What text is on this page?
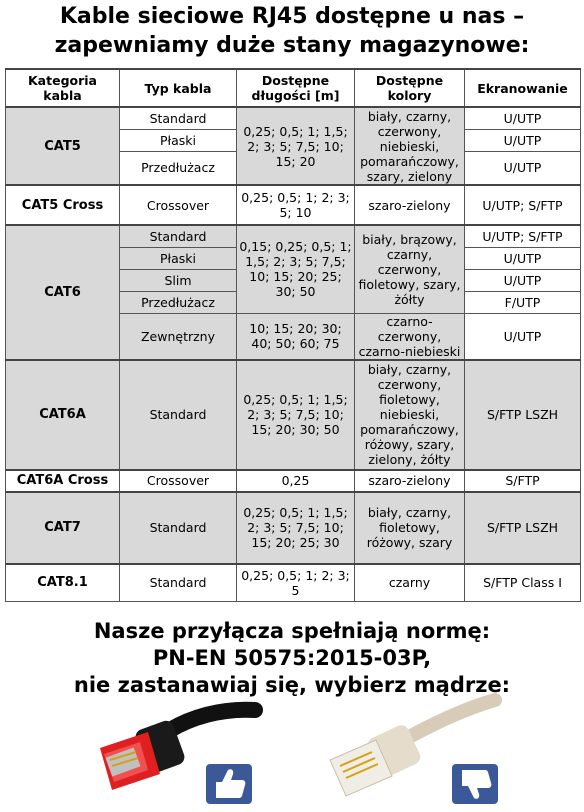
Kable sieciowe RJ45 dostępne u nas –
zapewniamy duże stany magazynowe:
Kategoria kabla	Typ kabla	Dostępne długości [m]	Dostępne kolory	Ekranowanie
CAT5	Standard	0,25; 0,5; 1; 1,5; 2; 3; 5; 7,5; 10; 15; 20	biały, czarny, czerwony, niebieski, pomarańczowy, szary, zielony	U/UTP
	Płaski			U/UTP
	Przedłużacz			U/UTP
CAT5 Cross	Crossover	0,25; 0,5; 1; 2; 3; 5; 10	szaro-zielony	U/UTP; S/FTP
CAT6	Standard	0,15; 0,25; 0,5; 1; 1,5; 2; 3; 5; 7,5; 10; 15; 20; 25; 30; 50	biały, brązowy, czarny, czerwony, fioletowy, szary, żółty	U/UTP; S/FTP
	Płaski			U/UTP
	Slim			U/UTP
	Przedłużacz			F/UTP
	Zewnętrzny	10; 15; 20; 30; 40; 50; 60; 75	czarno-czerwony, czarno-niebieski	U/UTP
CAT6A	Standard	0,25; 0,5; 1; 1,5; 2; 3; 5; 7,5; 10; 15; 20; 30; 50	biały, czarny, czerwony, fioletowy, niebieski, pomarańczowy, różowy, szary, zielony, żółty	S/FTP LSZH
CAT6A Cross	Crossover	0,25	szaro-zielony	S/FTP
CAT7	Standard	0,25; 0,5; 1; 1,5; 2; 3; 5; 7,5; 10; 15; 20; 25; 30	biały, czarny, fioletowy, różowy, szary	S/FTP LSZH
CAT8.1	Standard	0,25; 0,5; 1; 2; 3; 5	czarny	S/FTP Class I
Nasze przyłącza spełniają normę:
PN-EN 50575:2015-03P,
nie zastanawiaj się, wybierz mądrze:
